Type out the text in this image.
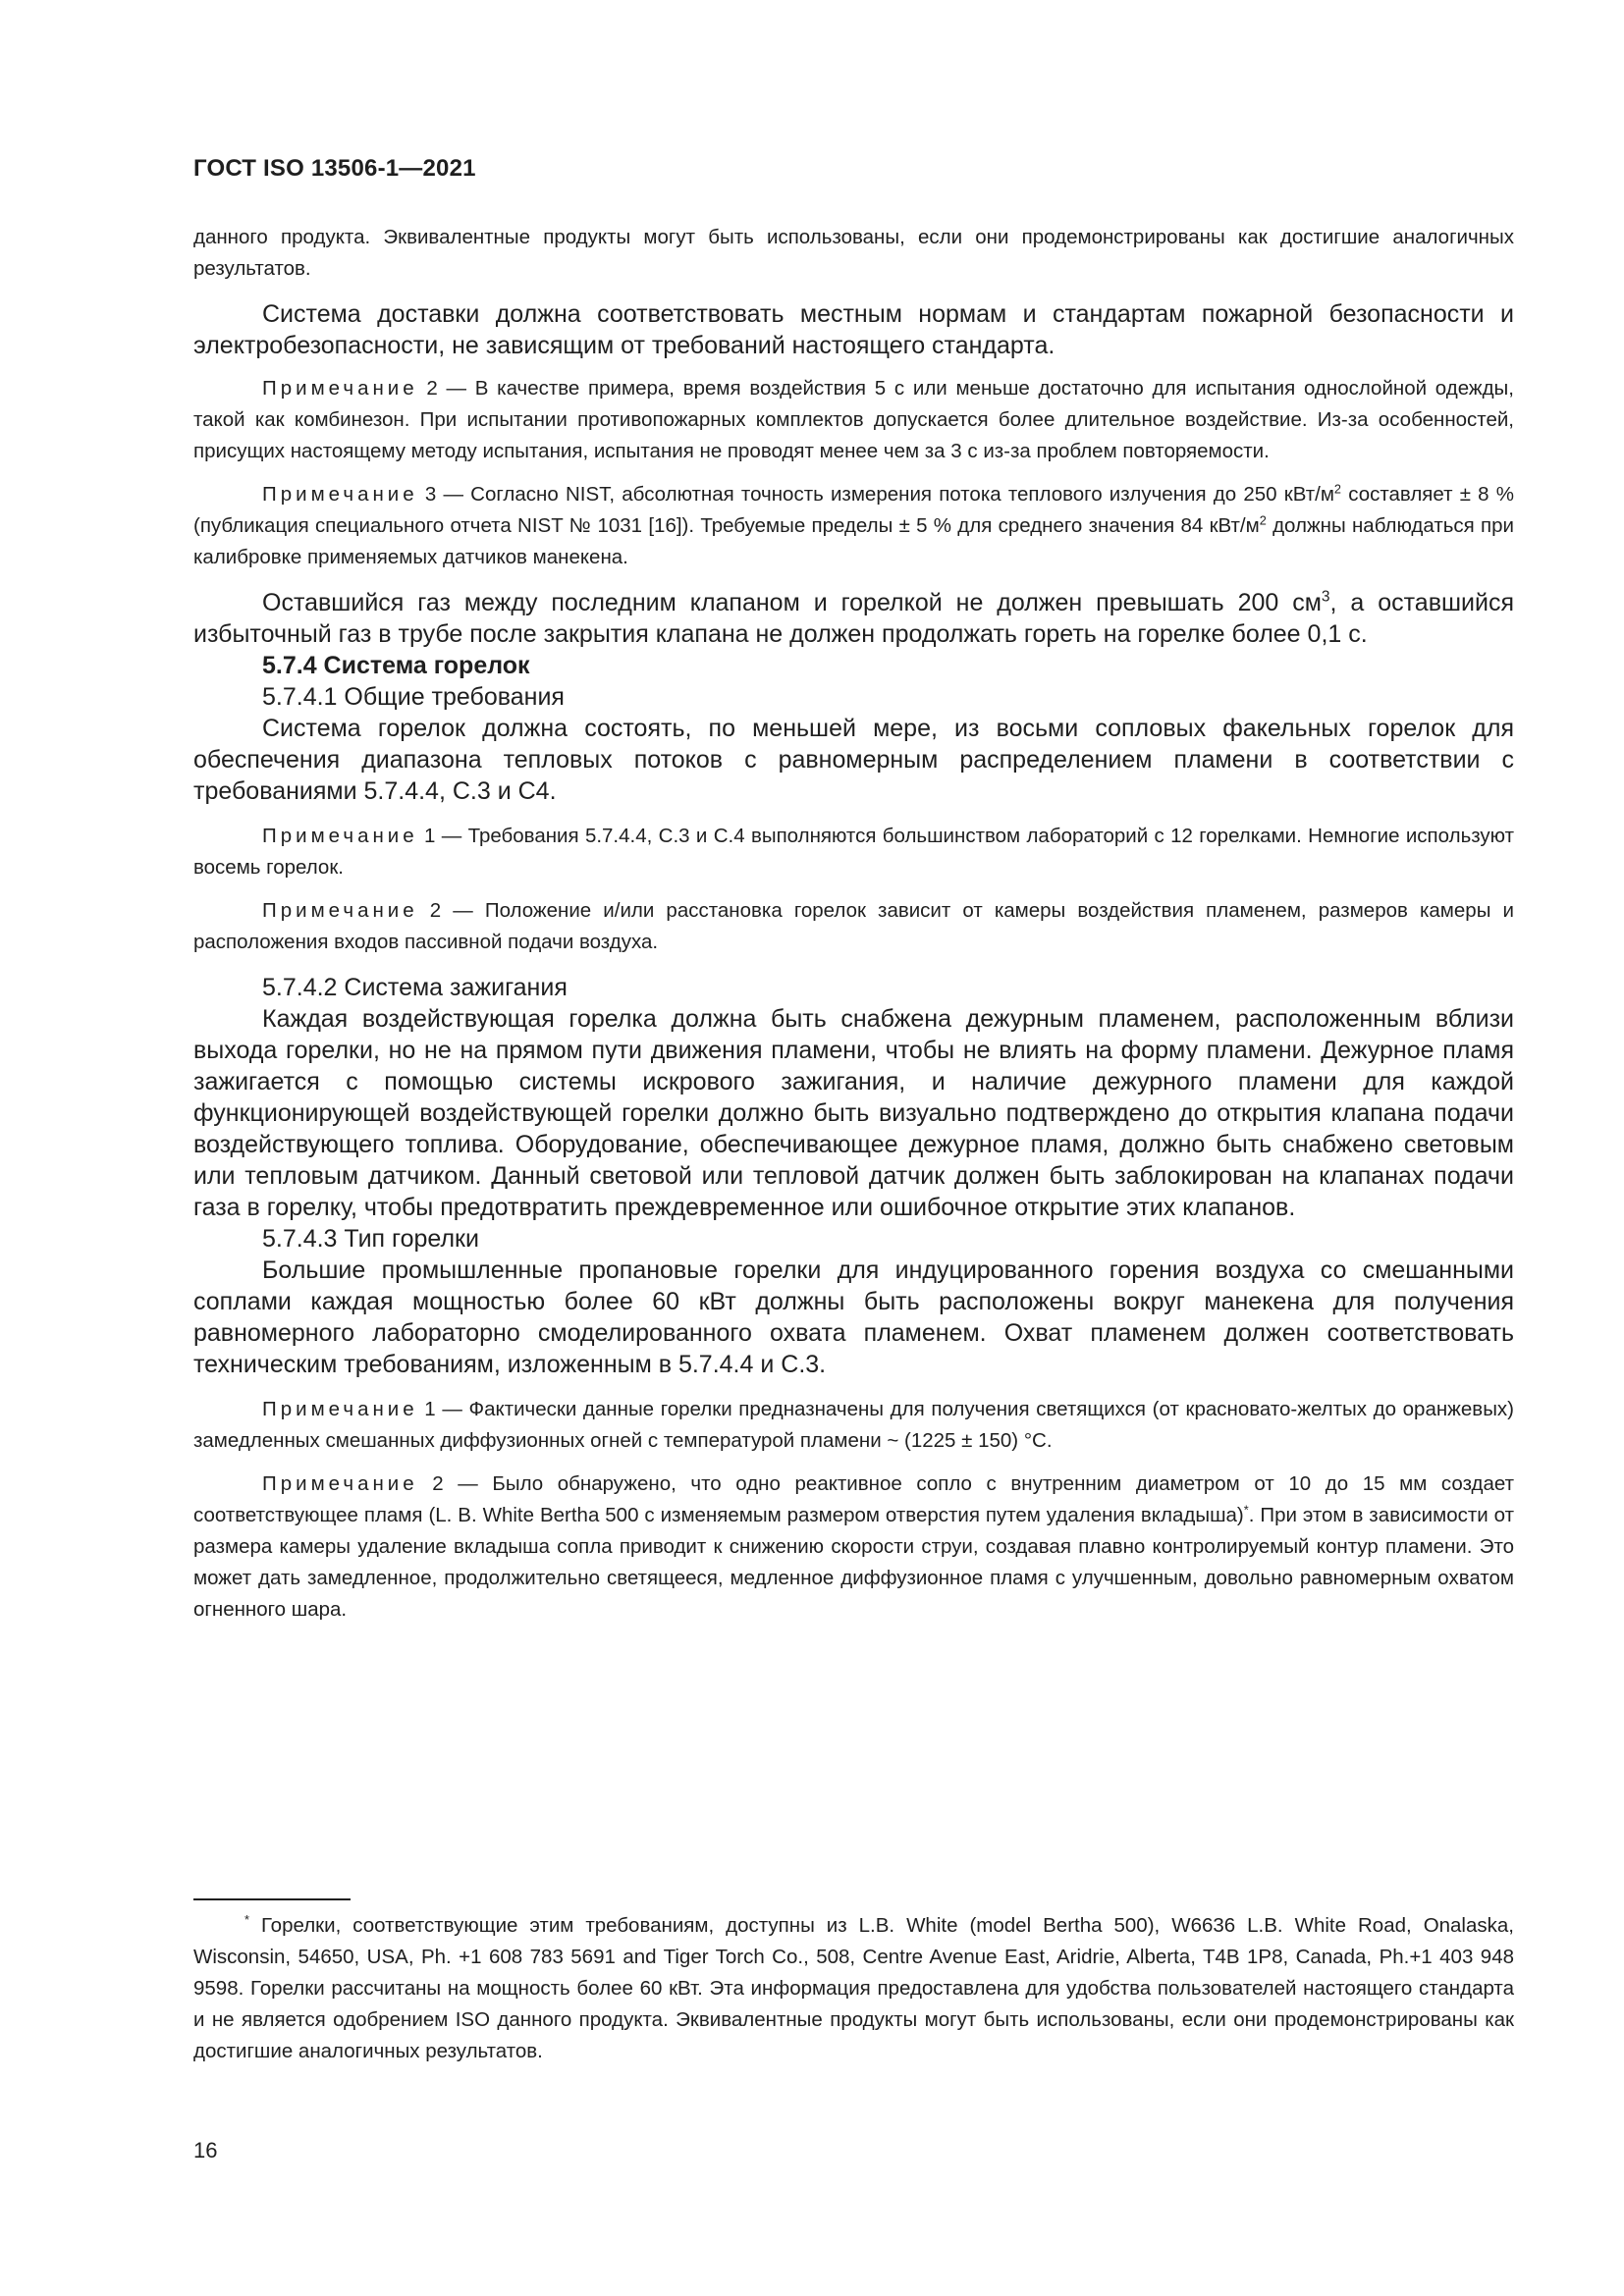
ГОСТ ISO 13506-1—2021

данного продукта. Эквивалентные продукты могут быть использованы, если они продемонстрированы как достигшие аналогичных результатов.

Система доставки должна соответствовать местным нормам и стандартам пожарной безопасности и электробезопасности, не зависящим от требований настоящего стандарта.

Примечание 2 — В качестве примера, время воздействия 5 с или меньше достаточно для испытания однослойной одежды, такой как комбинезон. При испытании противопожарных комплектов допускается более длительное воздействие. Из-за особенностей, присущих настоящему методу испытания, испытания не проводят менее чем за 3 с из-за проблем повторяемости.

Примечание 3 — Согласно NIST, абсолютная точность измерения потока теплового излучения до 250 кВт/$м^2$ составляет ± 8 % (публикация специального отчета NIST № 1031 [16]). Требуемые пределы ± 5 % для среднего значения 84 кВт/$м^2$ должны наблюдаться при калибровке применяемых датчиков манекена.

Оставшийся газ между последним клапаном и горелкой не должен превышать 200 $см^3$, а оставшийся избыточный газ в трубе после закрытия клапана не должен продолжать гореть на горелке более 0,1 с.

5.7.4 Система горелок

5.7.4.1 Общие требования

Система горелок должна состоять, по меньшей мере, из восьми сопловых факельных горелок для обеспечения диапазона тепловых потоков с равномерным распределением пламени в соответствии с требованиями 5.7.4.4, С.3 и С4.

Примечание 1 — Требования 5.7.4.4, С.3 и С.4 выполняются большинством лабораторий с 12 горелками. Немногие используют восемь горелок.

Примечание 2 — Положение и/или расстановка горелок зависит от камеры воздействия пламенем, размеров камеры и расположения входов пассивной подачи воздуха.

5.7.4.2 Система зажигания

Каждая воздействующая горелка должна быть снабжена дежурным пламенем, расположенным вблизи выхода горелки, но не на прямом пути движения пламени, чтобы не влиять на форму пламени. Дежурное пламя зажигается с помощью системы искрового зажигания, и наличие дежурного пламени для каждой функционирующей воздействующей горелки должно быть визуально подтверждено до открытия клапана подачи воздействующего топлива. Оборудование, обеспечивающее дежурное пламя, должно быть снабжено световым или тепловым датчиком. Данный световой или тепловой датчик должен быть заблокирован на клапанах подачи газа в горелку, чтобы предотвратить преждевременное или ошибочное открытие этих клапанов.

5.7.4.3 Тип горелки

Большие промышленные пропановые горелки для индуцированного горения воздуха со смешанными соплами каждая мощностью более 60 кВт должны быть расположены вокруг манекена для получения равномерного лабораторно смоделированного охвата пламенем. Охват пламенем должен соответствовать техническим требованиям, изложенным в 5.7.4.4 и С.3.

Примечание 1 — Фактически данные горелки предназначены для получения светящихся (от красновато-желтых до оранжевых) замедленных смешанных диффузионных огней с температурой пламени ~ (1225 ± 150) °С.

Примечание 2 — Было обнаружено, что одно реактивное сопло с внутренним диаметром от 10 до 15 мм создает соответствующее пламя (L. В. White Bertha 500 с изменяемым размером отверстия путем удаления вкладыша)*. При этом в зависимости от размера камеры удаление вкладыша сопла приводит к снижению скорости струи, создавая плавно контролируемый контур пламени. Это может дать замедленное, продолжительно светящееся, медленное диффузионное пламя с улучшенным, довольно равномерным охватом огненного шара.

* Горелки, соответствующие этим требованиям, доступны из L.B. White (model Bertha 500), W6636 L.B. White Road, Onalaska, Wisconsin, 54650, USA, Ph. +1 608 783 5691 and Tiger Torch Co., 508, Centre Avenue East, Aridrie, Alberta, T4B 1P8, Canada, Ph.+1 403 948 9598. Горелки рассчитаны на мощность более 60 кВт. Эта информация предоставлена для удобства пользователей настоящего стандарта и не является одобрением ISO данного продукта. Эквивалентные продукты могут быть использованы, если они продемонстрированы как достигшие аналогичных результатов.

16
